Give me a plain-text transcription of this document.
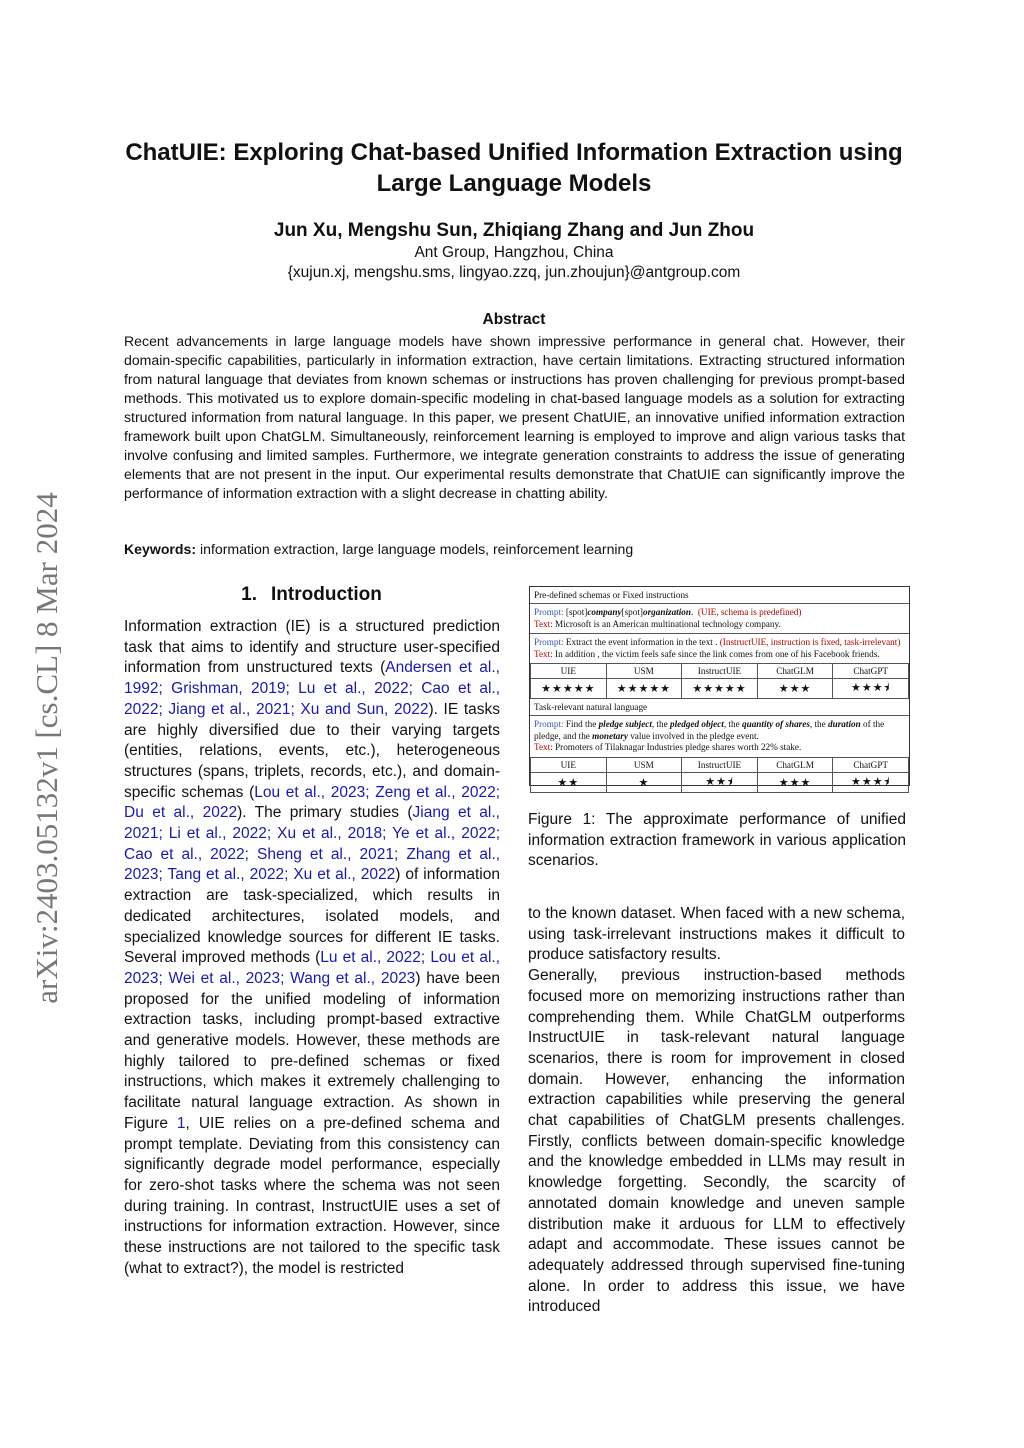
arXiv:2403.05132v1 [cs.CL] 8 Mar 2024
ChatUIE: Exploring Chat-based Unified Information Extraction using Large Language Models
Jun Xu, Mengshu Sun, Zhiqiang Zhang and Jun Zhou
Ant Group, Hangzhou, China
{xujun.xj, mengshu.sms, lingyao.zzq, jun.zhoujun}@antgroup.com
Abstract
Recent advancements in large language models have shown impressive performance in general chat. However, their domain-specific capabilities, particularly in information extraction, have certain limitations. Extracting structured information from natural language that deviates from known schemas or instructions has proven challenging for previous prompt-based methods. This motivated us to explore domain-specific modeling in chat-based language models as a solution for extracting structured information from natural language. In this paper, we present ChatUIE, an innovative unified information extraction framework built upon ChatGLM. Simultaneously, reinforcement learning is employed to improve and align various tasks that involve confusing and limited samples. Furthermore, we integrate generation constraints to address the issue of generating elements that are not present in the input. Our experimental results demonstrate that ChatUIE can significantly improve the performance of information extraction with a slight decrease in chatting ability.
Keywords: information extraction, large language models, reinforcement learning
1. Introduction

Information extraction (IE) is a structured prediction task that aims to identify and structure user-specified information from unstructured texts (Andersen et al., 1992; Grishman, 2019; Lu et al., 2022; Cao et al., 2022; Jiang et al., 2021; Xu and Sun, 2022). IE tasks are highly diversified due to their varying targets (entities, relations, events, etc.), heterogeneous structures (spans, triplets, records, etc.), and domain-specific schemas (Lou et al., 2023; Zeng et al., 2022; Du et al., 2022). The primary studies (Jiang et al., 2021; Li et al., 2022; Xu et al., 2018; Ye et al., 2022; Cao et al., 2022; Sheng et al., 2021; Zhang et al., 2023; Tang et al., 2022; Xu et al., 2022) of information extraction are task-specialized, which results in dedicated architectures, isolated models, and specialized knowledge sources for different IE tasks. Several improved methods (Lu et al., 2022; Lou et al., 2023; Wei et al., 2023; Wang et al., 2023) have been proposed for the unified modeling of information extraction tasks, including prompt-based extractive and generative models. However, these methods are highly tailored to pre-defined schemas or fixed instructions, which makes it extremely challenging to facilitate natural language extraction. As shown in Figure 1, UIE relies on a pre-defined schema and prompt template. Deviating from this consistency can significantly degrade model performance, especially for zero-shot tasks where the schema was not seen during training. In contrast, InstructUIE uses a set of instructions for information extraction. However, since these instructions are not tailored to the specific task (what to extract?), the model is restricted

Pre-defined schemas or Fixed instructions
Prompt: [spot]company[spot]organization. (UIE, schema is predefined)
Text: Microsoft is an American multinational technology company.
Prompt: Extract the event information in the text . (InstructUIE, instruction is fixed, task-irrelevant)
Text: In addition , the victim feels safe since the link comes from one of his Facebook friends.
UIE	USM	InstructUIE	ChatGLM	ChatGPT
★★★★★	★★★★★	★★★★★	★★★	★★★⯨
Task-relevant natural language
Prompt: Find the pledge subject, the pledged object, the quantity of shares, the duration of the pledge, and the monetary value involved in the pledge event.
Text: Promoters of Tilaknagar Industries pledge shares worth 22% stake.
UIE	USM	InstructUIE	ChatGLM	ChatGPT
★★	★	★★⯨	★★★	★★★⯨
Figure 1: The approximate performance of unified information extraction framework in various application scenarios.

to the known dataset. When faced with a new schema, using task-irrelevant instructions makes it difficult to produce satisfactory results.

Generally, previous instruction-based methods focused more on memorizing instructions rather than comprehending them. While ChatGLM outperforms InstructUIE in task-relevant natural language scenarios, there is room for improvement in closed domain. However, enhancing the information extraction capabilities while preserving the general chat capabilities of ChatGLM presents challenges. Firstly, conflicts between domain-specific knowledge and the knowledge embedded in LLMs may result in knowledge forgetting. Secondly, the scarcity of annotated domain knowledge and uneven sample distribution make it arduous for LLM to effectively adapt and accommodate. These issues cannot be adequately addressed through supervised fine-tuning alone. In order to address this issue, we have introduced
